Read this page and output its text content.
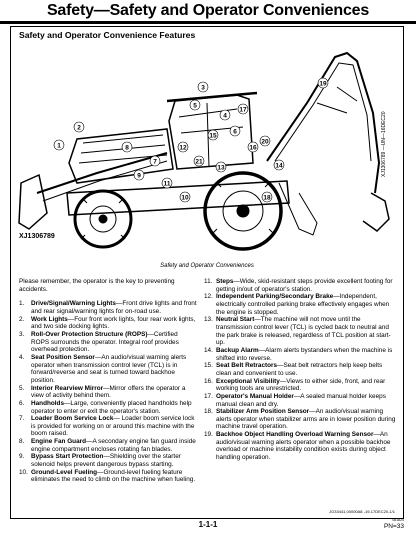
Safety—Safety and Operator Conveniences
Safety and Operator Convenience Features
1
2
3
4
5
6
7
8
9
10
11
12
13	14
15
16
17
18
19
20
21	XJ1306789 —UN—16DEC20
XJ1306789
Safety and Operator Conveniences

Please remember, the operator is the key to preventing accidents.

1. Drive/Signal/Warning Lights—Front drive lights and front and rear signal/warning lights for on-road use.

2. Work Lights—Four front work lights, four rear work lights, and two side docking lights.

3. Roll-Over Protection Structure (ROPS)—Certified ROPS surrounds the operator. Integral roof provides overhead protection.

4. Seat Position Sensor—An audio/visual warning alerts operator when transmission control lever (TCL) is in forward/reverse and seat is turned toward backhoe position.

5. Interior Rearview Mirror—Mirror offers the operator a view of activity behind them.

6. Handholds—Large, conveniently placed handholds help operator to enter or exit the operator's station.

7. Loader Boom Service Lock— Loader boom service lock is provided for working on or around this machine with the boom raised.

8. Engine Fan Guard—A secondary engine fan guard inside engine compartment encloses rotating fan blades.

9. Bypass Start Protection—Shielding over the starter solenoid helps prevent dangerous bypass starting.

10. Ground-Level Fueling—Ground-level fueling feature eliminates the need to climb on the machine when fueling.

11. Steps—Wide, skid-resistant steps provide excellent footing for getting in/out of operator's station.

12. Independent Parking/Secondary Brake—Independent, electrically controlled parking brake effectively engages when the engine is stopped.

13. Neutral Start—The machine will not move until the transmission control lever (TCL) is cycled back to neutral and the park brake is released, regardless of TCL position at start-up.

14. Backup Alarm—Alarm alerts bystanders when the machine is shifted into reverse.

15. Seat Belt Retractors—Seat belt retractors help keep belts clean and convenient to use.

16. Exceptional Visibility—Views to either side, front, and rear working tools are unrestricted.

17. Operator's Manual Holder—A sealed manual holder keeps manual clean and dry.

18. Stabilizer Arm Position Sensor—An audio/visual warning alerts operator when stabilizer arms are in lower position during machine travel operation.

19. Backhoe Object Handling Overload Warning Sensor—An audio/visual warning alerts operator when a possible backhoe overload or machine instability condition exists during object handling operation.

JG33441,00000A8 -19-17DEC20-1/1
1-1-1	081824
PN=33
